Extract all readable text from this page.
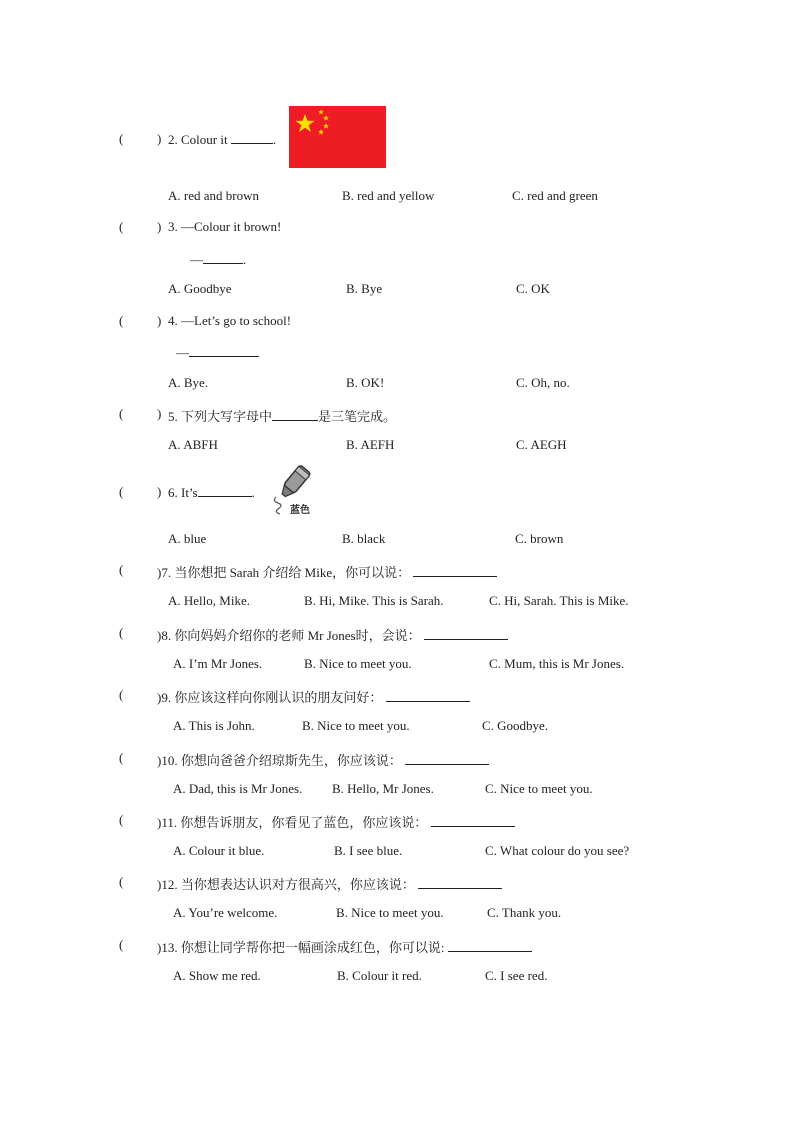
(	) 2. Colour it	.
A. red and brown	B. red and yellow	C. red and green
(	) 3. —Colour it brown!
—	.
A. Goodbye	B. Bye	C. OK
(	) 4. —Let’s go to school!
—
A. Bye.	B. OK!	C. Oh, no.
(	) 5. 下列大写字母中	是三笔完成。
A. ABFH	B. AEFH	C. AEGH
(	) 6. It’s	.
蓝色
A. blue	B. black	C. brown
(	)7. 当你想把 Sarah 介绍给 Mike，你可以说：
A. Hello, Mike.	B. Hi, Mike. This is Sarah.	C. Hi, Sarah. This is Mike.
(	)8. 你向妈妈介绍你的老师 Mr Jones时，会说：
A. I’m Mr Jones.	B. Nice to meet you.	C. Mum, this is Mr Jones.
(	)9. 你应该这样向你刚认识的朋友问好：
A. This is John.	B. Nice to meet you.	C. Goodbye.
(	)10. 你想向爸爸介绍琼斯先生，你应该说：
A. Dad, this is Mr Jones. B. Hello, Mr Jones.	C. Nice to meet you.
(	)11. 你想告诉朋友，你看见了蓝色，你应该说：
A. Colour it blue.	B. I see blue.	C. What colour do you see?
(	)12. 当你想表达认识对方很高兴，你应该说：
A. You’re welcome.	B. Nice to meet you.	C. Thank you.
(	)13. 你想让同学帮你把一幅画涂成红色，你可以说:
A. Show me red.	B. Colour it red.	C. I see red.
